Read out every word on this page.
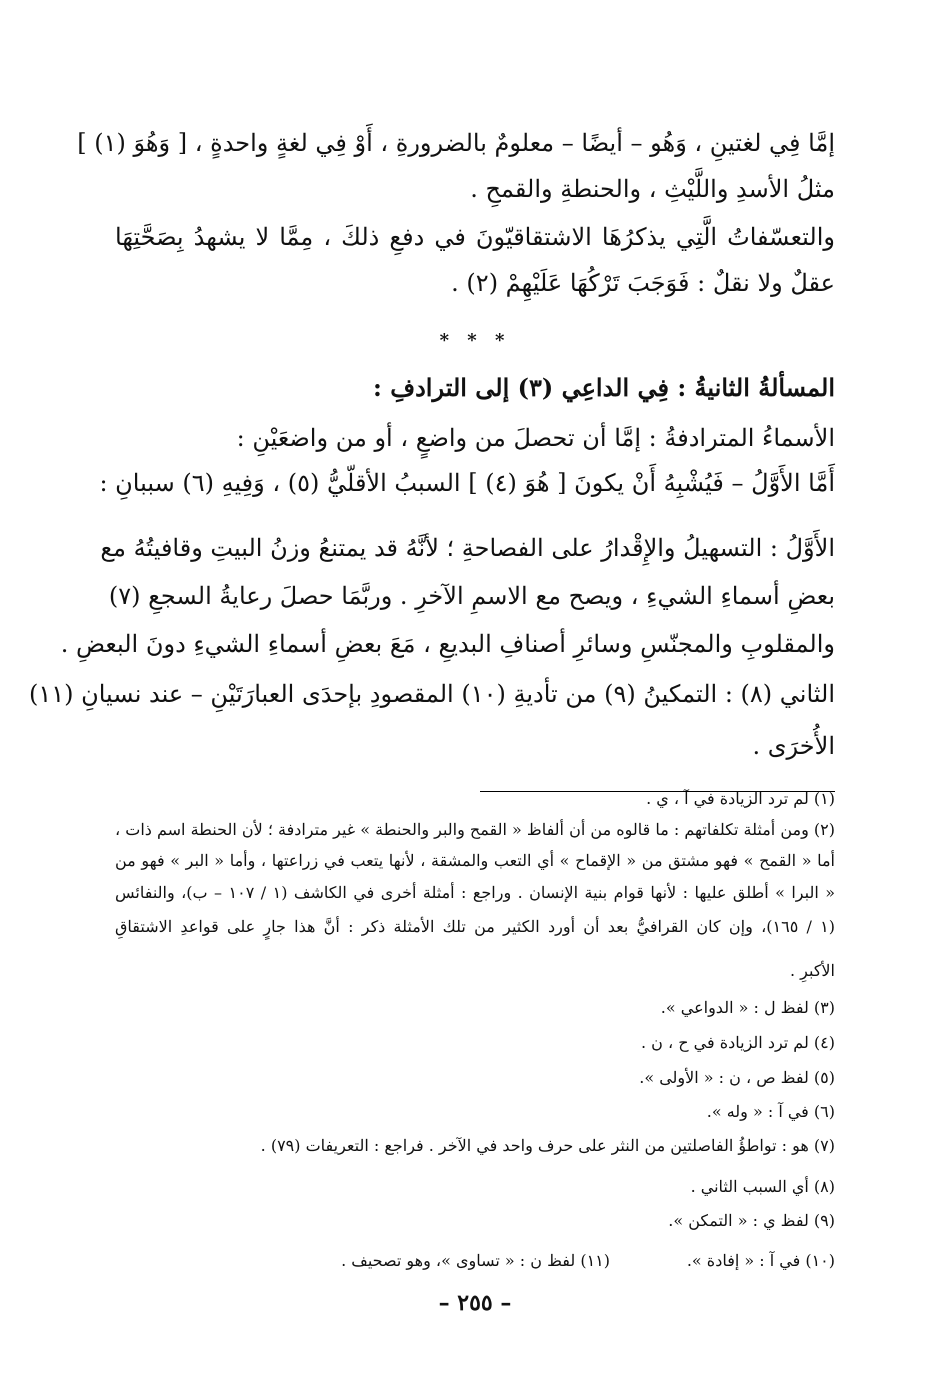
إمَّا فِي لغتينِ ، وَهُو – أيضًا – معلومٌ بالضرورةِ ، أَوْ فِي لغةٍ واحدةٍ ، [ وَهُوَ (١) ]
مثلُ الأسدِ واللَّيْثِ ، والحنطةِ والقمحِ .
والتعسّفاتُ الَّتِي يذكرُهَا الاشتقاقيّونَ في دفعِ ذلكَ ، مِمَّا لا يشهدُ بِصَحَّتِهَا
عقلٌ ولا نقلٌ : فَوَجَبَ تَرْكُهَا عَلَيْهِمْ (٢) .
* * *
المسألةُ الثانيةُ : فِي الداعِي (٣) إلى الترادفِ :
الأسماءُ المترادفةُ : إمَّا أن تحصلَ من واضعٍ ، أو من واضعَيْنِ :
أَمَّا الأَوَّلُ – فَيُشْبِهُ أَنْ يكونَ [ هُوَ (٤) ] السببُ الأقلّيُّ (٥) ، وَفِيهِ (٦) سببانِ :
الأَوَّلُ : التسهيلُ والإِقْدارُ على الفصاحةِ ؛ لأنَّهُ قد يمتنعُ وزنُ البيتِ وقافيتُهُ مع
بعضِ أسماءِ الشيءِ ، ويصح مع الاسمِ الآخرِ . وربَّمَا حصلَ رعايةُ السجعِ (٧)
والمقلوبِ والمجنّسِ وسائرِ أصنافِ البديعِ ، مَعَ بعضِ أسماءِ الشيءِ دونَ البعضِ .
الثاني (٨) : التمكينُ (٩) من تأديةِ (١٠) المقصودِ بإحدَى العبارَتَيْنِ – عند نسيانِ (١١)
الأُخرَى .
(١) لم ترد الزيادة في آ ، ي .
(٢) ومن أمثلة تكلفاتهم : ما قالوه من أن ألفاظ « القمح والبر والحنطة » غير مترادفة ؛ لأن الحنطة اسم ذات ،
أما « القمح » فهو مشتق من « الإقماح » أي التعب والمشقة ، لأنها يتعب في زراعتها ، وأما « البر » فهو من
« البرا » أطلق عليها : لأنها قوام بنية الإنسان . وراجع : أمثلة أخرى في الكاشف (١ / ١٠٧ – ب)، والنفائس
(١ / ١٦٥)، وإن كان القرافيُّ بعد أن أورد الكثير من تلك الأمثلة ذكر : أنَّ هذا جارٍ على قواعدِ الاشتقاقِ
الأكبرِ .
(٣) لفظ ل : « الدواعي ».
(٤) لم ترد الزيادة في ح ، ن .
(٥) لفظ ص ، ن : « الأولى ».
(٦) في آ : « وله ».
(٧) هو : تواطؤُ الفاصلتين من النثر على حرف واحد في الآخر . فراجع : التعريفات (٧٩) .
(٨) أي السبب الثاني .
(٩) لفظ ي : « التمكن ».
(١٠) في آ : « إفادة ».
(١١) لفظ ن : « تساوى »، وهو تصحيف .
– ٢٥٥ –
